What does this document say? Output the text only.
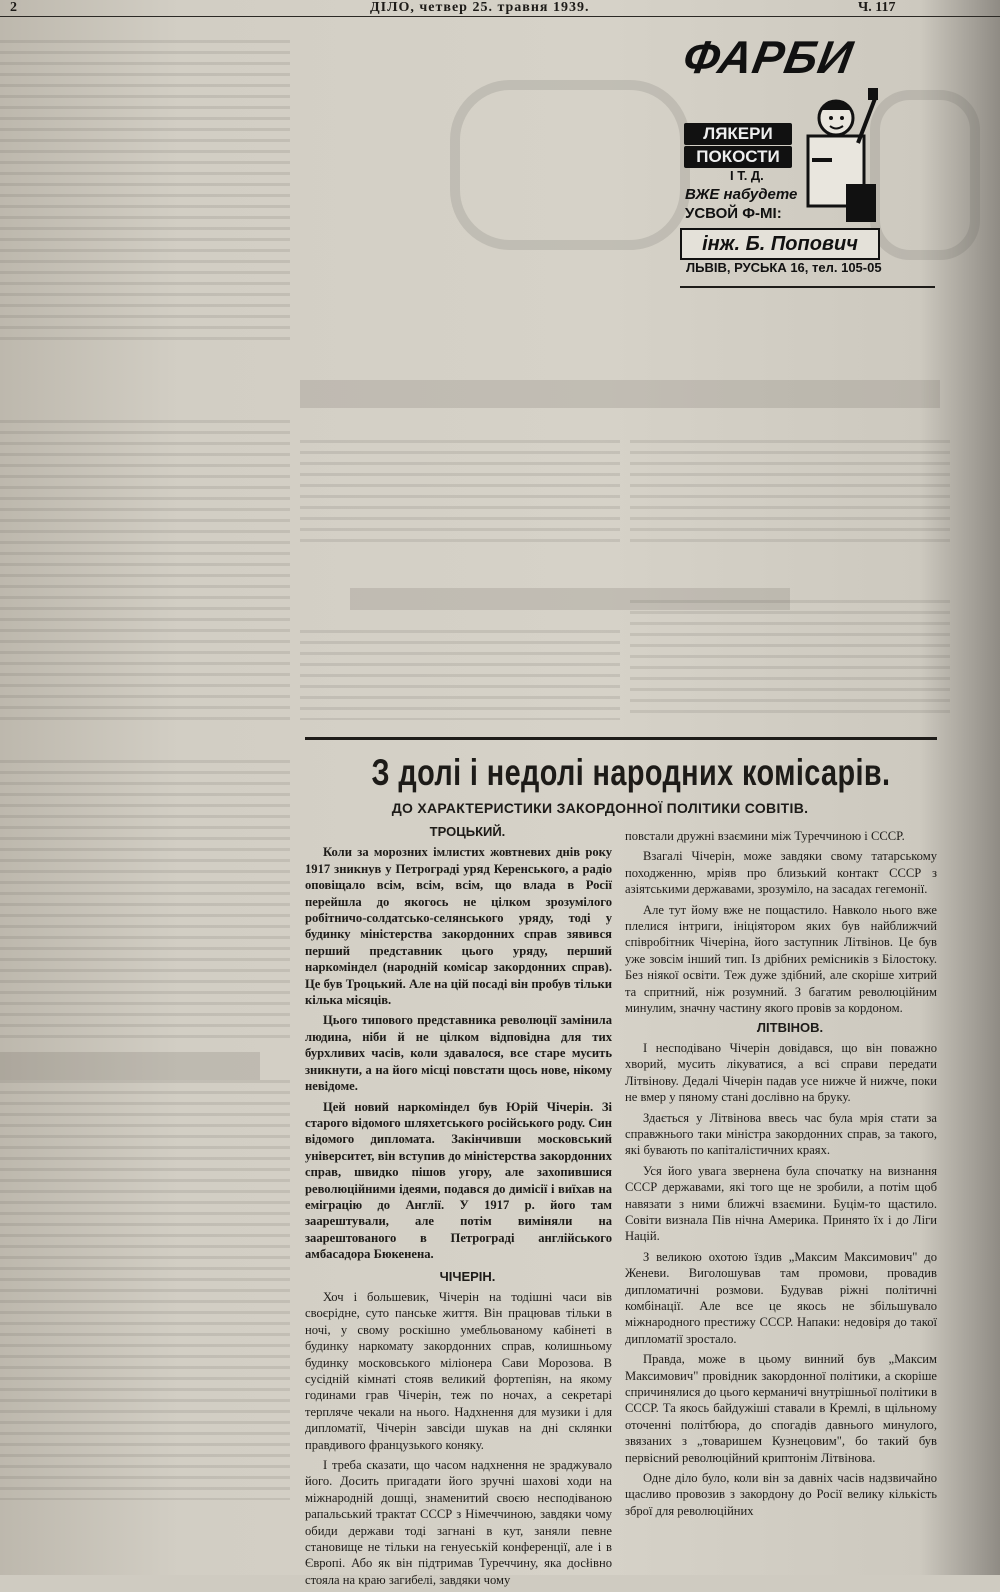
2	ДІЛО, четвер 25. травня 1939.	Ч. 117
ФАРБИ
ЛЯКЕРИ
ПОКОСТИ
І Т. Д.
ВЖЕ набудете
УСВОЙ Ф-МІ:
інж. Б. Попович
ЛЬВІВ, РУСЬКА 16, тел. 105-05
З долі і недолі народних комісарів.
ДО ХАРАКТЕРИСТИКИ ЗАКОРДОННОЇ ПОЛІТИКИ СОВІТІВ.

ТРОЦЬКИЙ.

Коли за морозних імлистих жовтневих днів року 1917 зникнув у Петрограді уряд Керенського, а радіо оповіщало всім, всім, всім, що влада в Росії перейшла до якогось не цілком зрозумілого робітничо-солдатсько-селянського уряду, тоді у будинку міністерства закордонних справ зявився перший представник цього уряду, перший наркоміндел (народній комісар закордонних справ). Це був Троцький. Але на цій посаді він пробув тільки кілька місяців.

Цього типового представника революції замінила людина, ніби й не цілком відповідна для тих бурхливих часів, коли здавалося, все старе мусить зникнути, а на його місці повстати щось нове, нікому невідоме.

Цей новий наркоміндел був Юрій Чічерін. Зі старого відомого шляхетського російського роду. Син відомого дипломата. Закінчивши московський університет, він вступив до міністерства закордонних справ, швидко пішов угору, але захопившися революційними ідеями, подався до димісії і виїхав на еміграцію до Англії. У 1917 р. його там заарештували, але потім виміняли на заарештованого в Петрограді англійського амбасадора Бюкенена.

ЧІЧЕРІН.

Хоч і большевик, Чічерін на тодішні часи вів своєрідне, суто панське життя. Він працював тільки в ночі, у свому роскішно умебльованому кабінеті в будинку наркомату закордонних справ, колишньому будинку московського міліонера Сави Морозова. В сусідній кімнаті стояв великий фортепіян, на якому годинами грав Чічерін, теж по ночах, а секретарі терпляче чекали на нього. Надхнення для музики і для дипломатії, Чічерін завсіди шукав на дні склянки правдивого французького коняку.

І треба сказати, що часом надхнення не зраджувало його. Досить пригадати його зручні шахові ходи на міжнародній дошці, знаменитий своєю несподіваною рапальський трактат СССР з Німеччиною, завдяки чому обиди держави тоді загнані в кут, заняли певне становище не тільки на генуеській конференції, але і в Європі. Або як він підтримав Туреччину, яка досłівно стояла на краю загибелі, завдяки чому

повстали дружні взаємини між Туреччиною і СССР.

Взагалі Чічерін, може завдяки свому татарському походженню, мріяв про близький контакт СССР з азіятськими державами, зрозуміло, на засадах гегемонії.

Але тут йому вже не пощастило. Навколо нього вже плелися інтриги, ініціятором яких був найближчий співробітник Чічеріна, його заступник Літвінов. Це був уже зовсім інший тип. Із дрібних ремісників з Білостоку. Без ніякої освіти. Теж дуже здібний, але скоріше хитрий та спритний, ніж розумний. З багатим революційним минулим, значну частину якого провів за кордоном.

ЛІТВІНОВ.

І несподівано Чічерін довідався, що він поважно хворий, мусить лікуватися, а всі справи передати Літвінову. Дедалі Чічерін падав усе нижче й нижче, поки не вмер у пяному стані дослівно на бруку.

Здається у Літвінова ввесь час була мрія стати за справжнього таки міністра закордонних справ, за такого, які бувають по капіталістичних краях.

Уся його увага звернена була спочатку на визнання СССР державами, які того ще не зробили, а потім щоб навязати з ними ближчі взаємини. Буцім-то щастило. Совіти визнала Пів нічна Америка. Принято їх і до Ліги Націй.

З великою охотою їздив „Максим Максимович" до Женеви. Виголошував там промови, провадив дипломатичні розмови. Будував ріжні політичні комбінації. Але все це якось не збільшувало міжнародного престижу СССР. Напаки: недовіря до такої дипломатії зростало.

Правда, може в цьому винний був „Максим Максимович" провідник закордонної політики, а скоріше спричинялися до цього керманичі внутрішньої політики в СССР. Та якось байдужіші ставали в Кремлі, в щільному оточенні політбюра, до спогадів давнього минулого, звязаних з „товаришем Кузнецовим", бо такий був первісний революційний криптонім Літвінова.

Одне діло було, коли він за давніх часів надзвичайно щасливо провозив з закордону до Росії велику кількість зброї для революційних
